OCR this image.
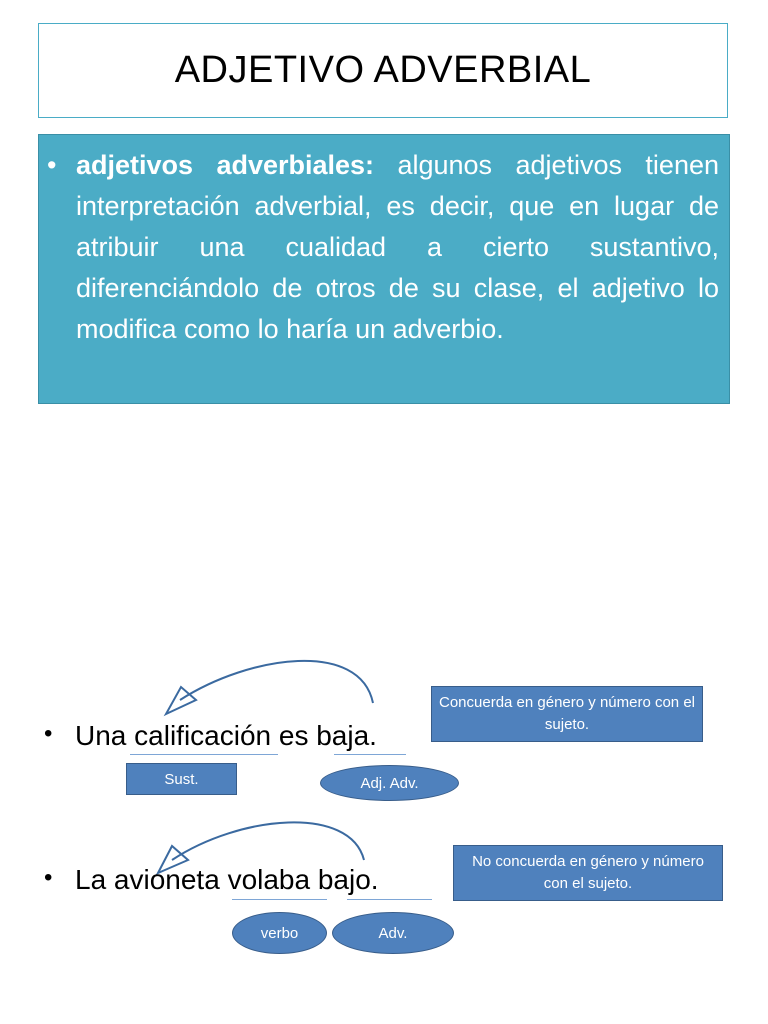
ADJETIVO ADVERBIAL
• adjetivos adverbiales: algunos adjetivos tienen interpretación adverbial, es decir, que en lugar de atribuir una cualidad a cierto sustantivo, diferenciándolo de otros de su clase, el adjetivo lo modifica como lo haría un adverbio.

• Una calificación es baja.
Sust.	Adj. Adv.
Concuerda en género y número con el sujeto.
• La avioneta volaba bajo.
verbo	Adv.
No concuerda en género y número con el sujeto.
